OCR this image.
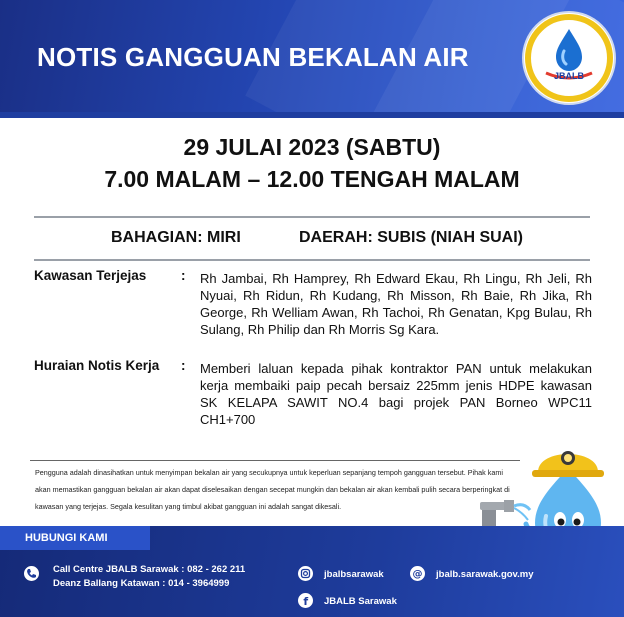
NOTIS GANGGUAN BEKALAN AIR
JBALB
29 JULAI 2023 (SABTU)
7.00 MALAM – 12.00 TENGAH MALAM
BAHAGIAN: MIRI	DAERAH: SUBIS (NIAH SUAI)
Kawasan Terjejas	: Rh Jambai, Rh Hamprey, Rh Edward Ekau, Rh Lingu, Rh Jeli, Rh Nyuai, Rh Ridun, Rh Kudang, Rh Misson, Rh Baie, Rh Jika, Rh George, Rh Welliam Awan, Rh Tachoi, Rh Genatan, Kpg Bulau, Rh Sulang, Rh Philip dan Rh Morris Sg Kara.
Huraian Notis Kerja : Memberi laluan kepada pihak kontraktor PAN untuk melakukan kerja membaiki paip pecah bersaiz 225mm jenis HDPE kawasan SK KELAPA SAWIT NO.4 bagi projek PAN Borneo WPC11 CH1+700
Pengguna adalah dinasihatkan untuk menyimpan bekalan air yang secukupnya untuk keperluan sepanjang tempoh gangguan tersebut. Pihak kami akan memastikan gangguan bekalan air akan dapat diselesaikan dengan secepat mungkin dan bekalan air akan kembali pulih secara berperingkat di kawasan yang terjejas. Segala kesulitan yang timbul akibat gangguan ini adalah sangat dikesali.
HUBUNGI KAMI
Call Centre JBALB Sarawak : 082 - 262 211
Deanz Ballang Katawan : 014 - 3964999
jbalbsarawak	@ jbalb.sarawak.gov.my
f JBALB Sarawak
